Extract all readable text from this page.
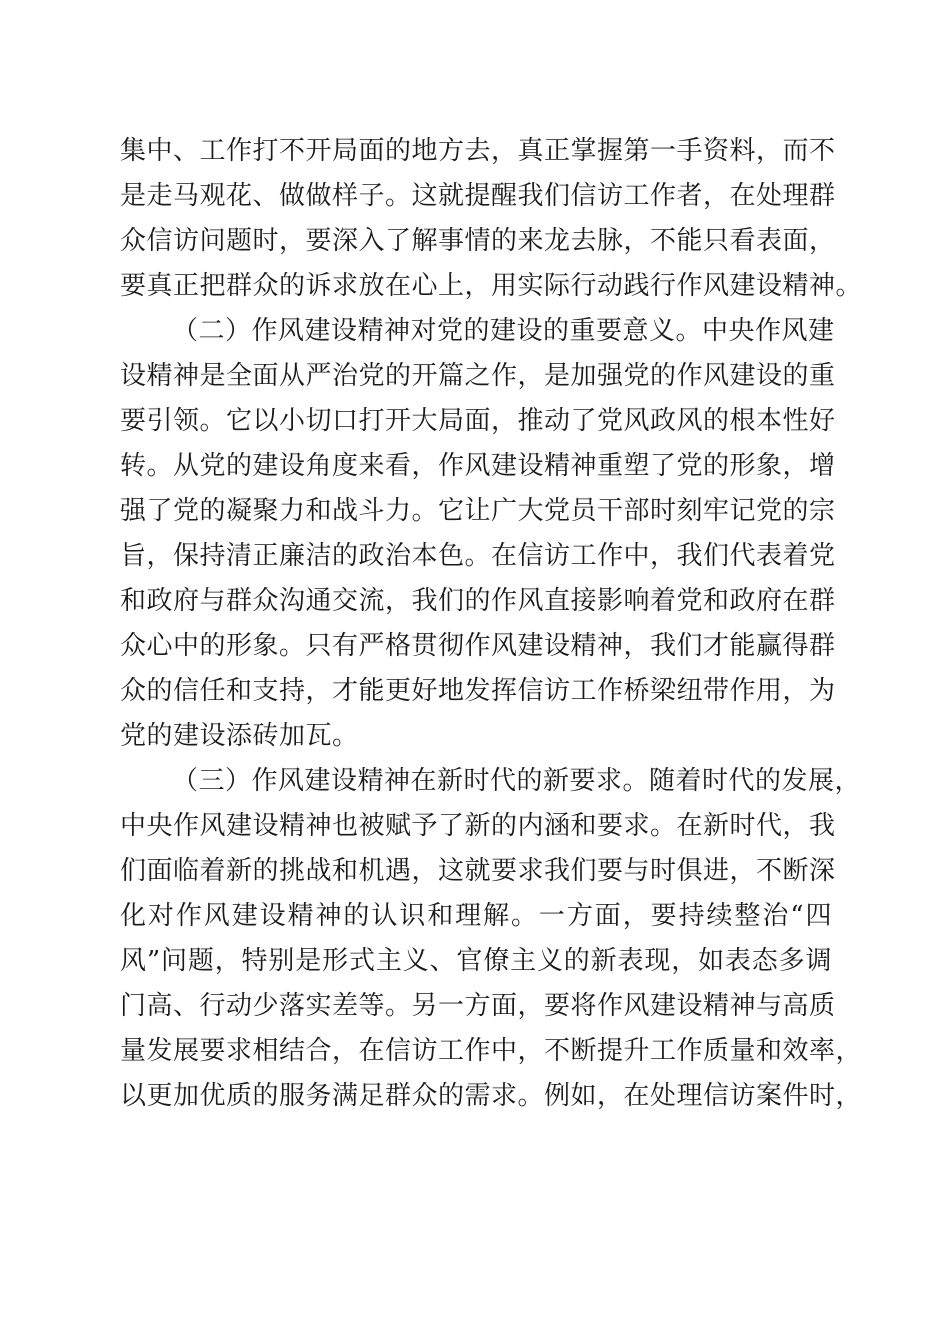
集中、工作打不开局面的地方去，真正掌握第一手资料，而不
是走马观花、做做样子。这就提醒我们信访工作者，在处理群
众信访问题时，要深入了解事情的来龙去脉，不能只看表面，
要真正把群众的诉求放在心上，用实际行动践行作风建设精神。

（二）作风建设精神对党的建设的重要意义。中央作风建
设精神是全面从严治党的开篇之作，是加强党的作风建设的重
要引领。它以小切口打开大局面，推动了党风政风的根本性好
转。从党的建设角度来看，作风建设精神重塑了党的形象，增
强了党的凝聚力和战斗力。它让广大党员干部时刻牢记党的宗
旨，保持清正廉洁的政治本色。在信访工作中，我们代表着党
和政府与群众沟通交流，我们的作风直接影响着党和政府在群
众心中的形象。只有严格贯彻作风建设精神，我们才能赢得群
众的信任和支持，才能更好地发挥信访工作桥梁纽带作用，为
党的建设添砖加瓦。

（三）作风建设精神在新时代的新要求。随着时代的发展，
中央作风建设精神也被赋予了新的内涵和要求。在新时代，我
们面临着新的挑战和机遇，这就要求我们要与时俱进，不断深
化对作风建设精神的认识和理解。一方面，要持续整治“四
风”问题，特别是形式主义、官僚主义的新表现，如表态多调
门高、行动少落实差等。另一方面，要将作风建设精神与高质
量发展要求相结合，在信访工作中，不断提升工作质量和效率，
以更加优质的服务满足群众的需求。例如，在处理信访案件时，
